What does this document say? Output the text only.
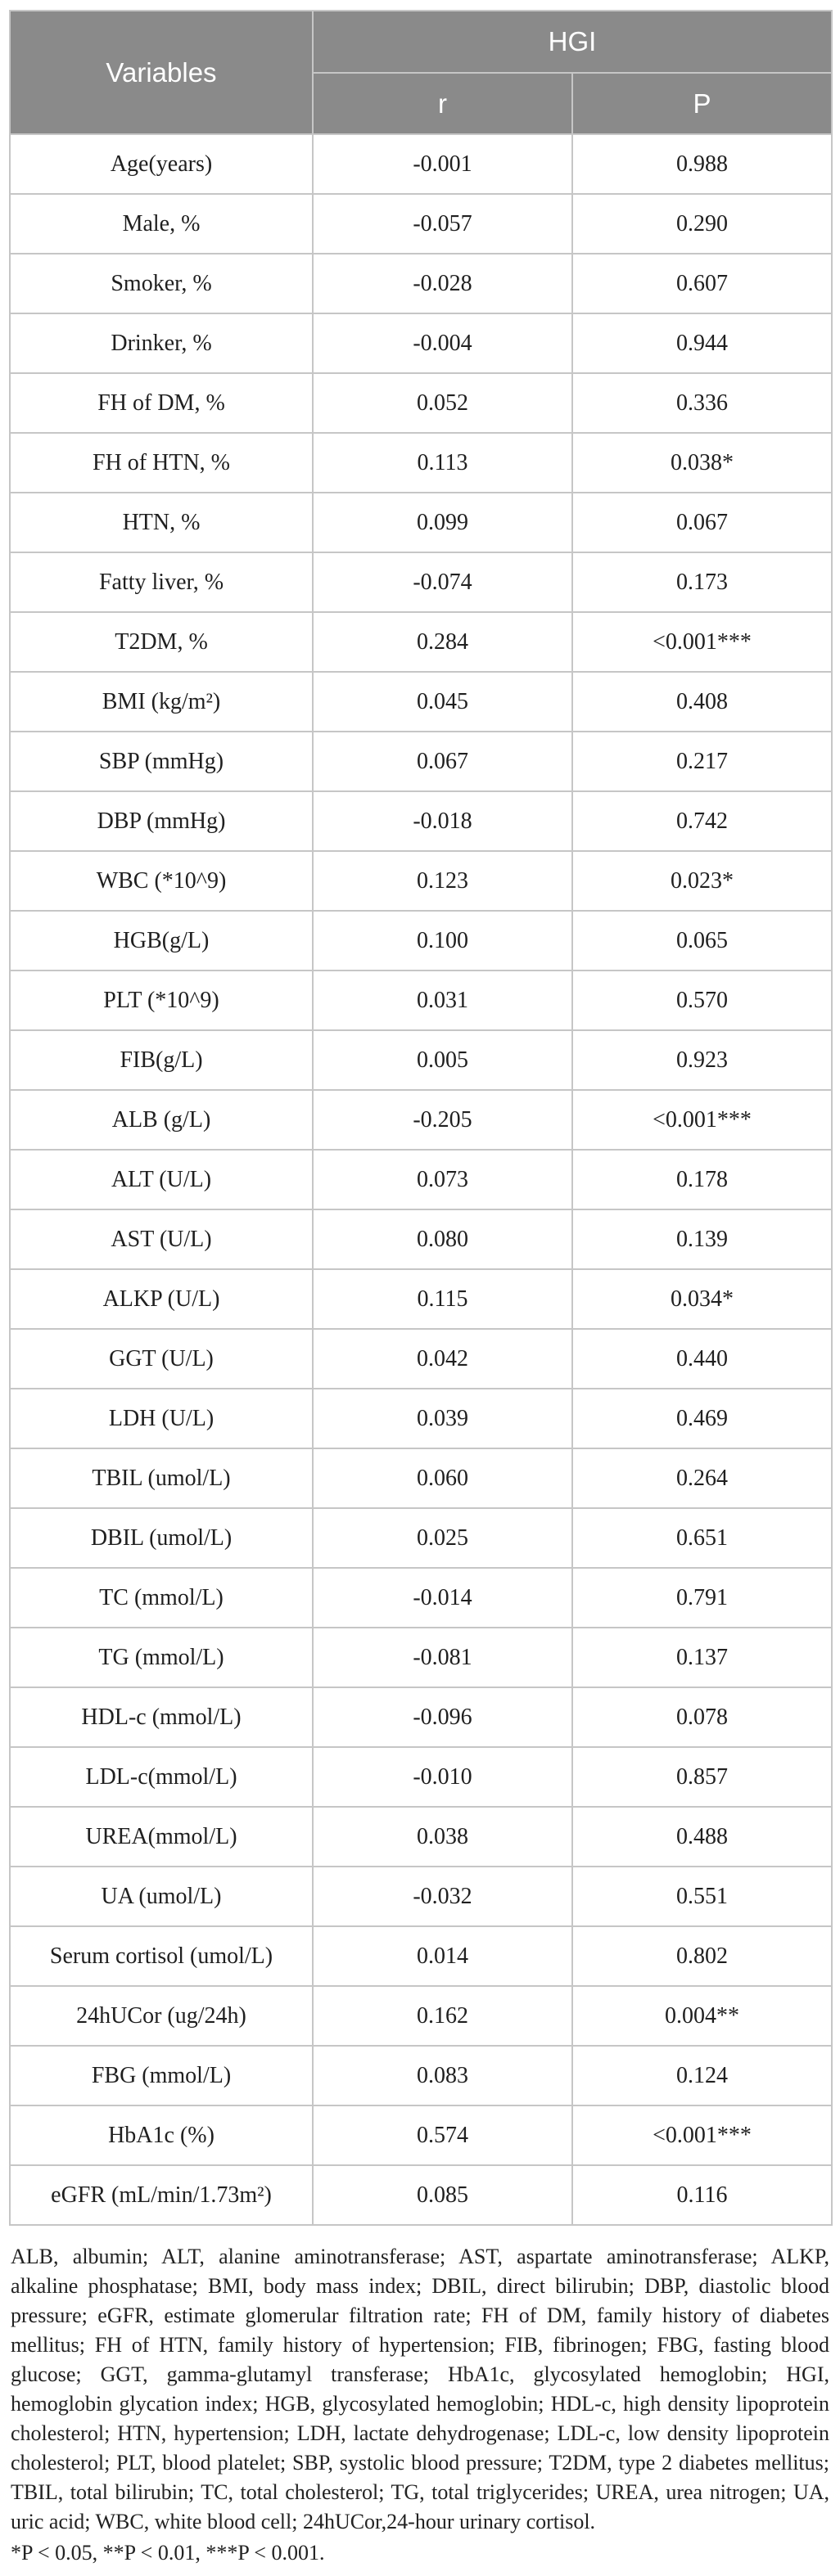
Variables	HGI	
	r	P
Age(years)	-0.001	0.988
Male, %	-0.057	0.290
Smoker, %	-0.028	0.607
Drinker, %	-0.004	0.944
FH of DM, %	0.052	0.336
FH of HTN, %	0.113	0.038*
HTN, %	0.099	0.067
Fatty liver, %	-0.074	0.173
T2DM, %	0.284	<0.001***
BMI (kg/m²)	0.045	0.408
SBP (mmHg)	0.067	0.217
DBP (mmHg)	-0.018	0.742
WBC (*10^9)	0.123	0.023*
HGB(g/L)	0.100	0.065
PLT (*10^9)	0.031	0.570
FIB(g/L)	0.005	0.923
ALB (g/L)	-0.205	<0.001***
ALT (U/L)	0.073	0.178
AST (U/L)	0.080	0.139
ALKP (U/L)	0.115	0.034*
GGT (U/L)	0.042	0.440
LDH (U/L)	0.039	0.469
TBIL (umol/L)	0.060	0.264
DBIL (umol/L)	0.025	0.651
TC (mmol/L)	-0.014	0.791
TG (mmol/L)	-0.081	0.137
HDL-c (mmol/L)	-0.096	0.078
LDL-c(mmol/L)	-0.010	0.857
UREA(mmol/L)	0.038	0.488
UA (umol/L)	-0.032	0.551
Serum cortisol (umol/L)	0.014	0.802
24hUCor (ug/24h)	0.162	0.004**
FBG (mmol/L)	0.083	0.124
HbA1c (%)	0.574	<0.001***
eGFR (mL/min/1.73m²)	0.085	0.116

ALB, albumin; ALT, alanine aminotransferase; AST, aspartate aminotransferase; ALKP, alkaline phosphatase; BMI, body mass index; DBIL, direct bilirubin; DBP, diastolic blood pressure; eGFR, estimate glomerular filtration rate; FH of DM, family history of diabetes mellitus; FH of HTN, family history of hypertension; FIB, fibrinogen; FBG, fasting blood glucose; GGT, gamma-glutamyl transferase; HbA1c, glycosylated hemoglobin; HGI, hemoglobin glycation index; HGB, glycosylated hemoglobin; HDL-c, high density lipoprotein cholesterol; HTN, hypertension; LDH, lactate dehydrogenase; LDL-c, low density lipoprotein cholesterol; PLT, blood platelet; SBP, systolic blood pressure; T2DM, type 2 diabetes mellitus; TBIL, total bilirubin; TC, total cholesterol; TG, total triglycerides; UREA, urea nitrogen; UA, uric acid; WBC, white blood cell; 24hUCor,24-hour urinary cortisol.

*P < 0.05, **P < 0.01, ***P < 0.001.
